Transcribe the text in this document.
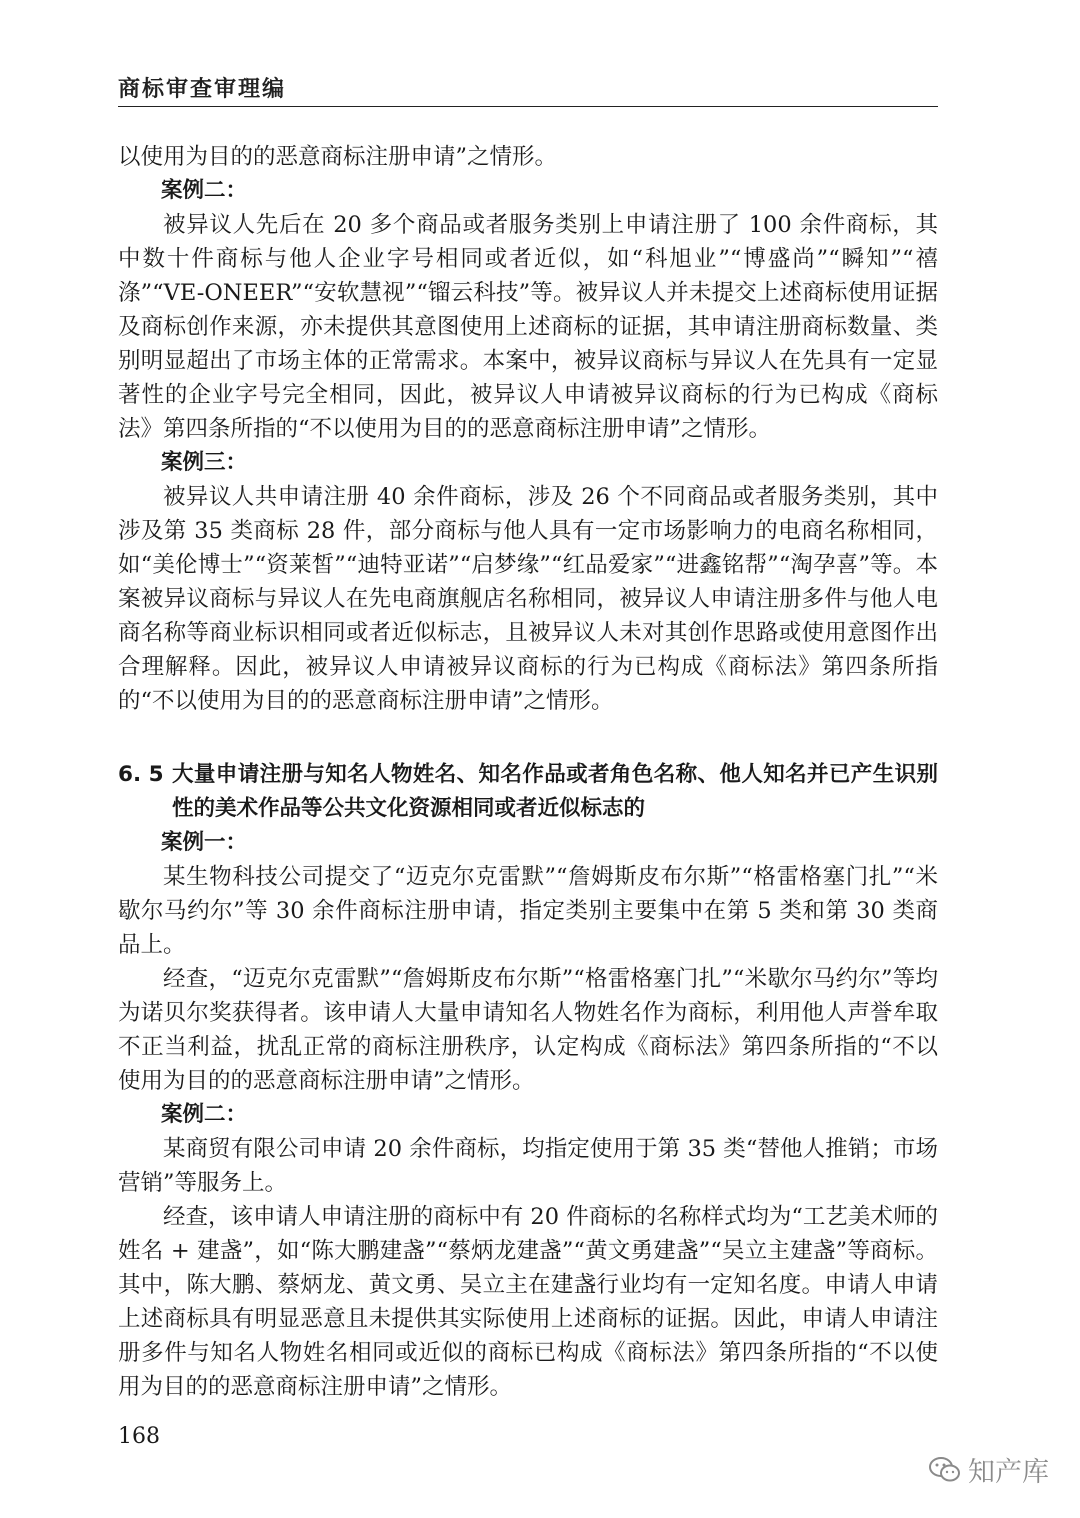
商标审查审理编

以使用为目的的恶意商标注册申请”之情形。

案例二：

被异议人先后在 20 多个商品或者服务类别上申请注册了 100 余件商标，其中数十件商标与他人企业字号相同或者近似，如“科旭业”“博盛尚”“瞬知”“禧涤”“VE-ONEER”“安软慧视”“镏云科技”等。被异议人并未提交上述商标使用证据及商标创作来源，亦未提供其意图使用上述商标的证据，其申请注册商标数量、类别明显超出了市场主体的正常需求。本案中，被异议商标与异议人在先具有一定显著性的企业字号完全相同，因此，被异议人申请被异议商标的行为已构成《商标法》第四条所指的“不以使用为目的的恶意商标注册申请”之情形。

案例三：

被异议人共申请注册 40 余件商标，涉及 26 个不同商品或者服务类别，其中涉及第 35 类商标 28 件，部分商标与他人具有一定市场影响力的电商名称相同，如“美伦博士”“资莱皙”“迪特亚诺”“启梦缘”“红品爱家”“进鑫铭帮”“淘孕喜”等。本案被异议商标与异议人在先电商旗舰店名称相同，被异议人申请注册多件与他人电商名称等商业标识相同或者近似标志，且被异议人未对其创作思路或使用意图作出合理解释。因此，被异议人申请被异议商标的行为已构成《商标法》第四条所指的“不以使用为目的的恶意商标注册申请”之情形。

6. 5 大量申请注册与知名人物姓名、知名作品或者角色名称、他人知名并已产生识别性的美术作品等公共文化资源相同或者近似标志的

案例一：

某生物科技公司提交了“迈克尔克雷默”“詹姆斯皮布尔斯”“格雷格塞门扎”“米歇尔马约尔”等 30 余件商标注册申请，指定类别主要集中在第 5 类和第 30 类商品上。

经查，“迈克尔克雷默”“詹姆斯皮布尔斯”“格雷格塞门扎”“米歇尔马约尔”等均为诺贝尔奖获得者。该申请人大量申请知名人物姓名作为商标，利用他人声誉牟取不正当利益，扰乱正常的商标注册秩序，认定构成《商标法》第四条所指的“不以使用为目的的恶意商标注册申请”之情形。

案例二：

某商贸有限公司申请 20 余件商标，均指定使用于第 35 类“替他人推销；市场营销”等服务上。

经查，该申请人申请注册的商标中有 20 件商标的名称样式均为“工艺美术师的姓名 + 建盏”，如“陈大鹏建盏”“蔡炳龙建盏”“黄文勇建盏”“吴立主建盏”等商标。其中，陈大鹏、蔡炳龙、黄文勇、吴立主在建盏行业均有一定知名度。申请人申请上述商标具有明显恶意且未提供其实际使用上述商标的证据。因此，申请人申请注册多件与知名人物姓名相同或近似的商标已构成《商标法》第四条所指的“不以使用为目的的恶意商标注册申请”之情形。

168
知产库
